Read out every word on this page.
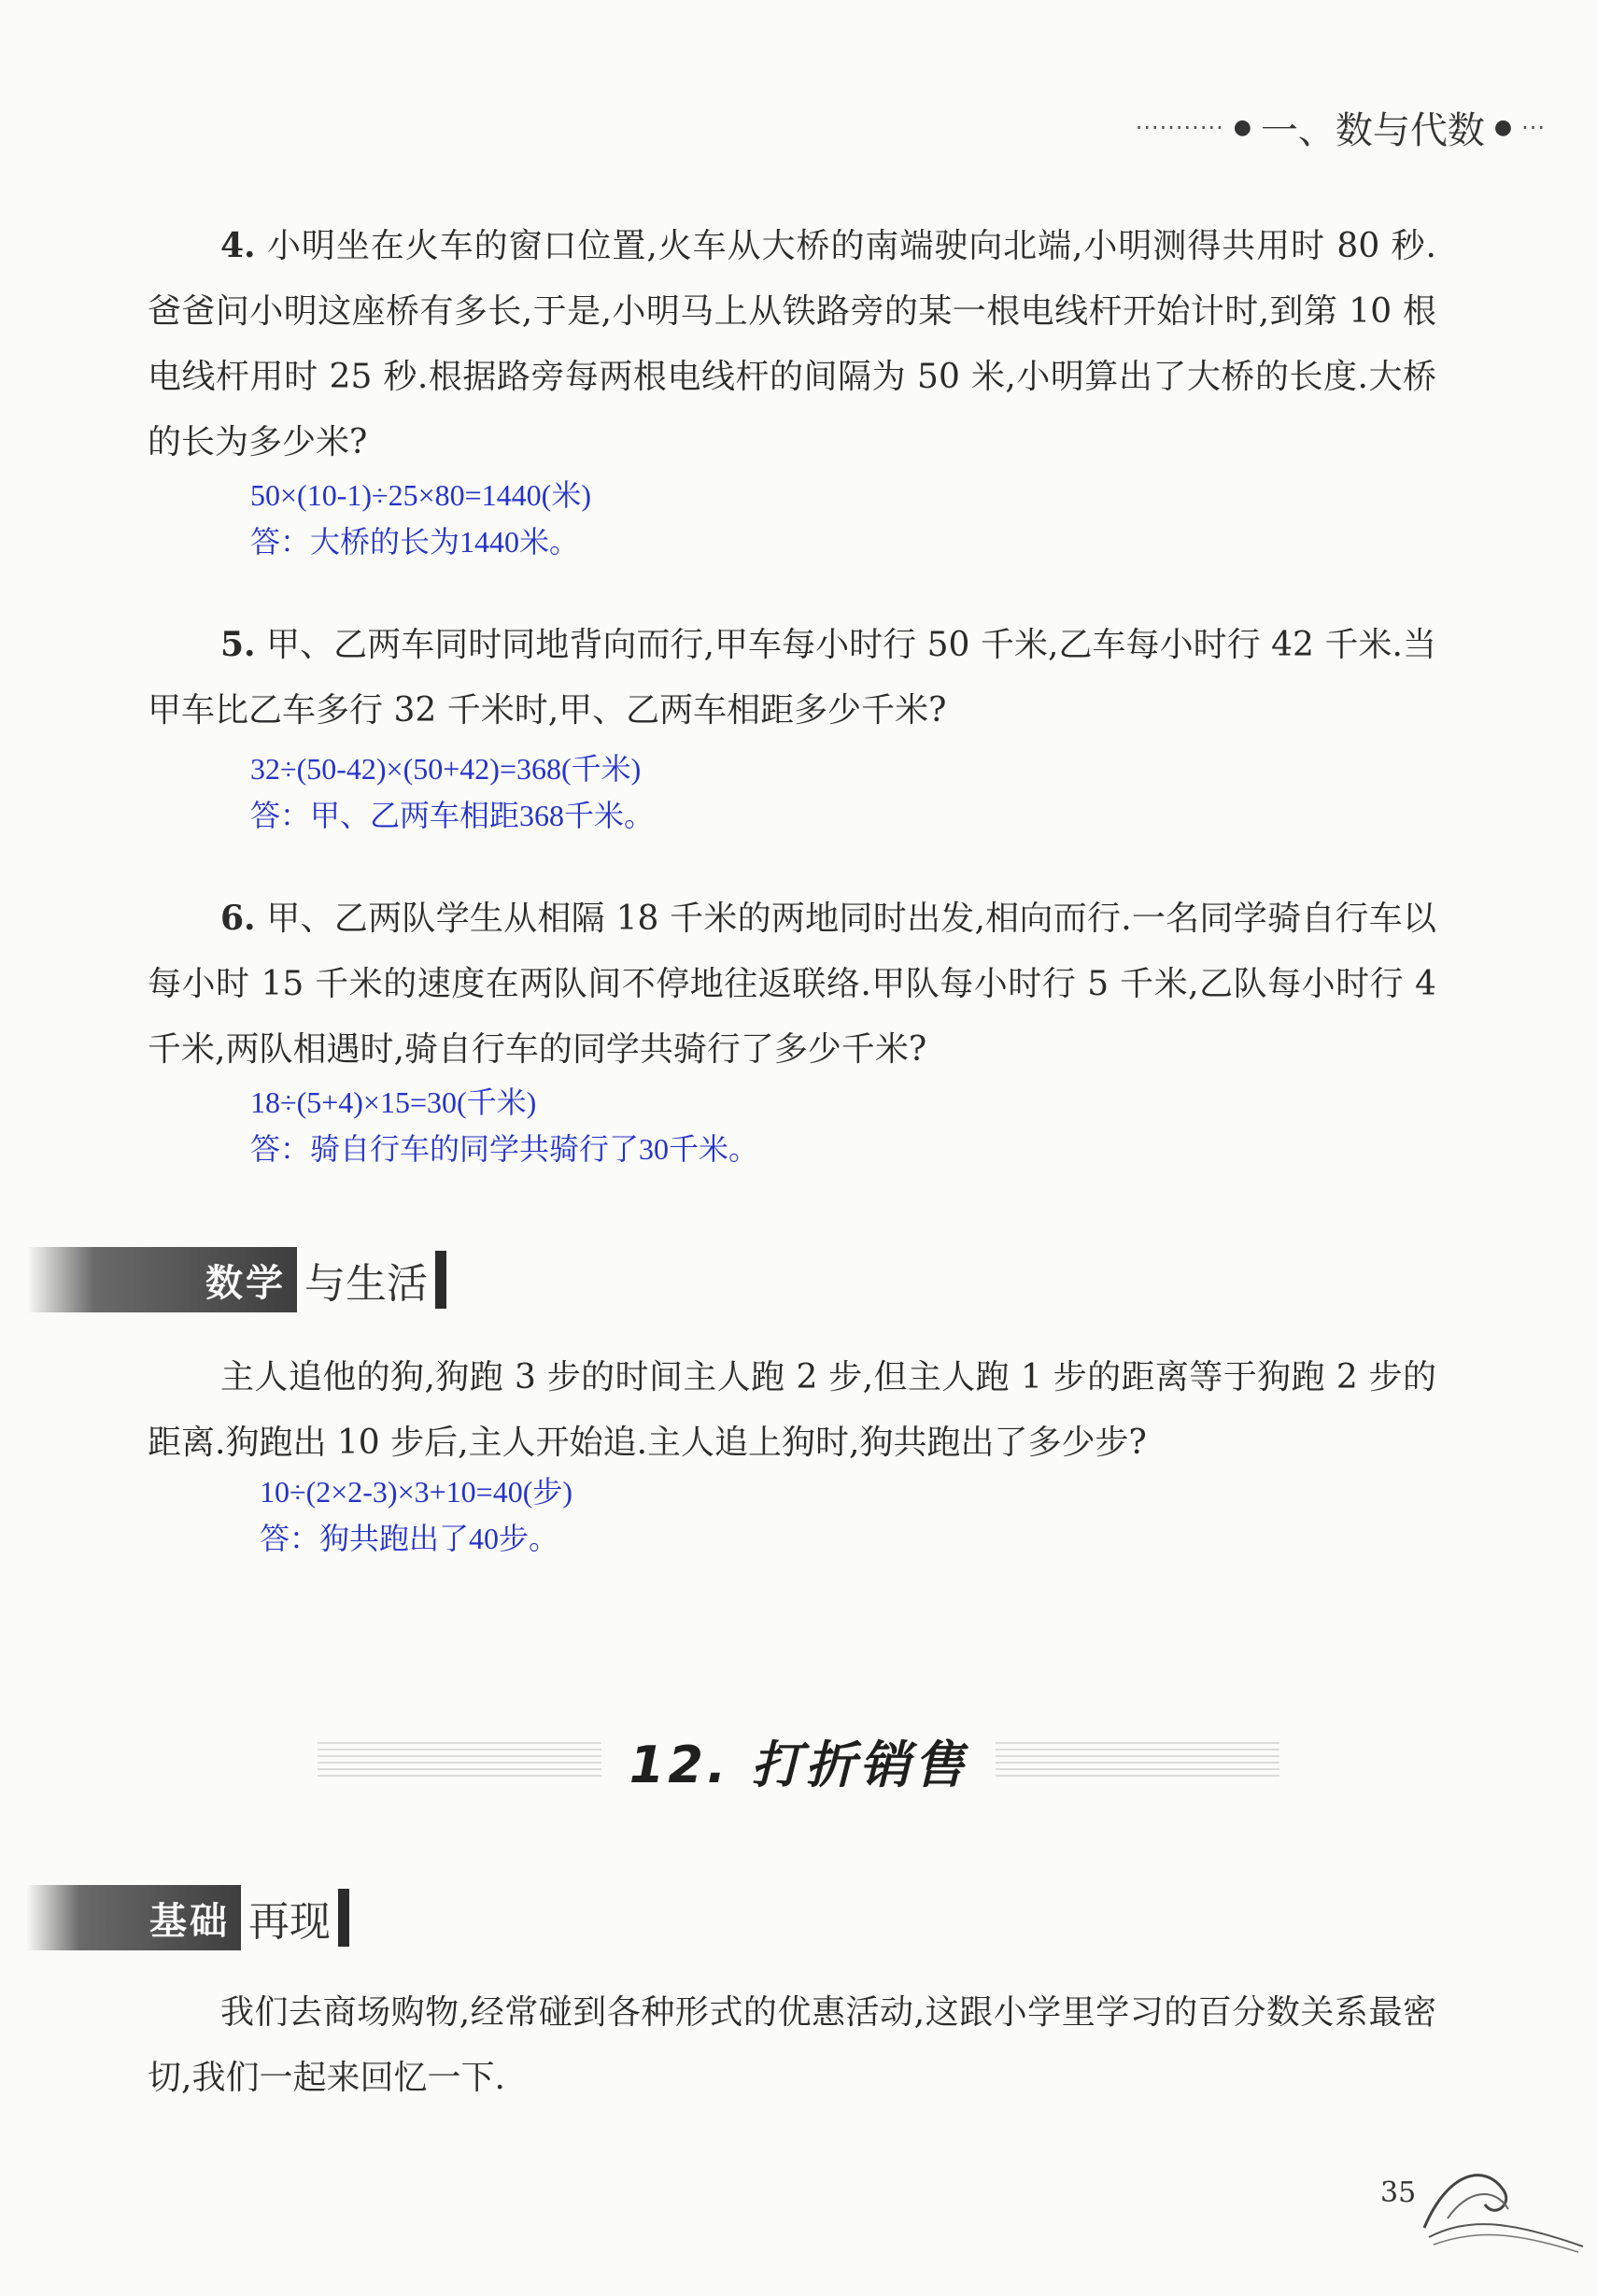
··········· ● 一、数与代数 ● ···
4. 小明坐在火车的窗口位置,火车从大桥的南端驶向北端,小明测得共用时 80 秒.爸爸问小明这座桥有多长,于是,小明马上从铁路旁的某一根电线杆开始计时,到第 10 根电线杆用时 25 秒.根据路旁每两根电线杆的间隔为 50 米,小明算出了大桥的长度.大桥的长为多少米?
50×(10-1)÷25×80=1440(米)
答：大桥的长为1440米。
5. 甲、乙两车同时同地背向而行,甲车每小时行 50 千米,乙车每小时行 42 千米.当甲车比乙车多行 32 千米时,甲、乙两车相距多少千米?
32÷(50-42)×(50+42)=368(千米)
答：甲、乙两车相距368千米。
6. 甲、乙两队学生从相隔 18 千米的两地同时出发,相向而行.一名同学骑自行车以每小时 15 千米的速度在两队间不停地往返联络.甲队每小时行 5 千米,乙队每小时行 4 千米,两队相遇时,骑自行车的同学共骑行了多少千米?
18÷(5+4)×15=30(千米)
答：骑自行车的同学共骑行了30千米。
数学 与生活
主人追他的狗,狗跑 3 步的时间主人跑 2 步,但主人跑 1 步的距离等于狗跑 2 步的距离.狗跑出 10 步后,主人开始追.主人追上狗时,狗共跑出了多少步?
10÷(2×2-3)×3+10=40(步)
答：狗共跑出了40步。
12. 打折销售
基础 再现
我们去商场购物,经常碰到各种形式的优惠活动,这跟小学里学习的百分数关系最密切,我们一起来回忆一下.
35
